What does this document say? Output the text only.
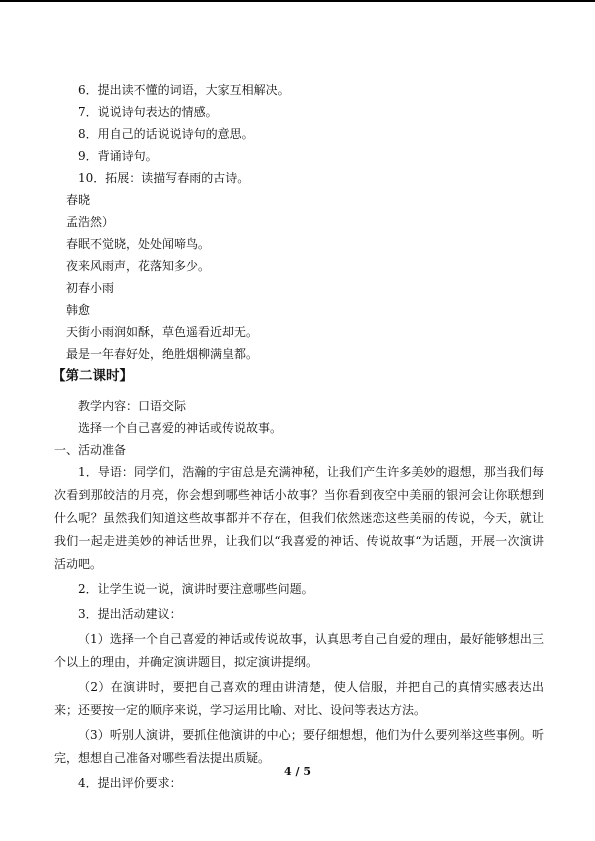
6．提出读不懂的词语，大家互相解决。
7．说说诗句表达的情感。
8．用自己的话说说诗句的意思。
9．背诵诗句。
10．拓展：读描写春雨的古诗。
春晓
孟浩然）
春眠不觉晓，处处闻啼鸟。
夜来风雨声，花落知多少。
初春小雨
韩愈
天街小雨润如酥，草色遥看近却无。
最是一年春好处，绝胜烟柳满皇都。
【第二课时】
教学内容：口语交际
选择一个自己喜爱的神话或传说故事。
一、活动准备

1．导语：同学们，浩瀚的宇宙总是充满神秘，让我们产生许多美妙的遐想，那当我们每次看到那皎洁的月亮，你会想到哪些神话小故事？当你看到夜空中美丽的银河会让你联想到什么呢？虽然我们知道这些故事都并不存在，但我们依然迷恋这些美丽的传说，今天，就让我们一起走进美妙的神话世界，让我们以“我喜爱的神话、传说故事“为话题，开展一次演讲活动吧。

2．让学生说一说，演讲时要注意哪些问题。

3．提出活动建议：

（1）选择一个自己喜爱的神话或传说故事，认真思考自己自爱的理由，最好能够想出三个以上的理由，并确定演讲题目，拟定演讲提纲。

（2）在演讲时，要把自己喜欢的理由讲清楚，使人信服，并把自己的真情实感表达出来；还要按一定的顺序来说，学习运用比喻、对比、设问等表达方法。

（3）听别人演讲，要抓住他演讲的中心；要仔细想想，他们为什么要列举这些事例。听完，想想自己准备对哪些看法提出质疑。

4．提出评价要求：

4 / 5
